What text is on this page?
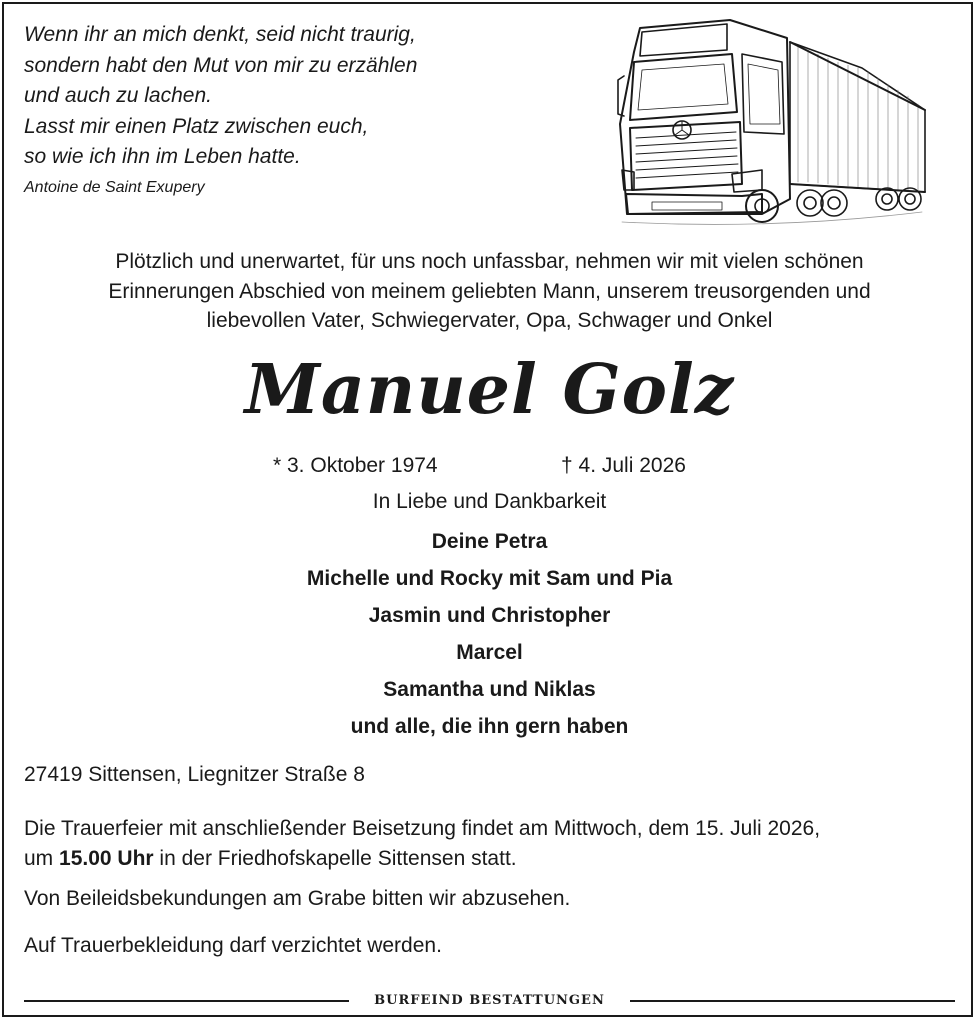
Wenn ihr an mich denkt, seid nicht traurig,
sondern habt den Mut von mir zu erzählen
und auch zu lachen.
Lasst mir einen Platz zwischen euch,
so wie ich ihn im Leben hatte.
Antoine de Saint Exupery
Plötzlich und unerwartet, für uns noch unfassbar, nehmen wir mit vielen schönen
Erinnerungen Abschied von meinem geliebten Mann, unserem treusorgenden und
liebevollen Vater, Schwiegervater, Opa, Schwager und Onkel
Manuel Golz
* 3. Oktober 1974	† 4. Juli 2026
In Liebe und Dankbarkeit
Deine Petra
Michelle und Rocky mit Sam und Pia
Jasmin und Christopher
Marcel
Samantha und Niklas
und alle, die ihn gern haben
27419 Sittensen, Liegnitzer Straße 8
Die Trauerfeier mit anschließender Beisetzung findet am Mittwoch, dem 15. Juli 2026,
um 15.00 Uhr in der Friedhofskapelle Sittensen statt.
Von Beileidsbekundungen am Grabe bitten wir abzusehen.
Auf Trauerbekleidung darf verzichtet werden.
BURFEIND BESTATTUNGEN
